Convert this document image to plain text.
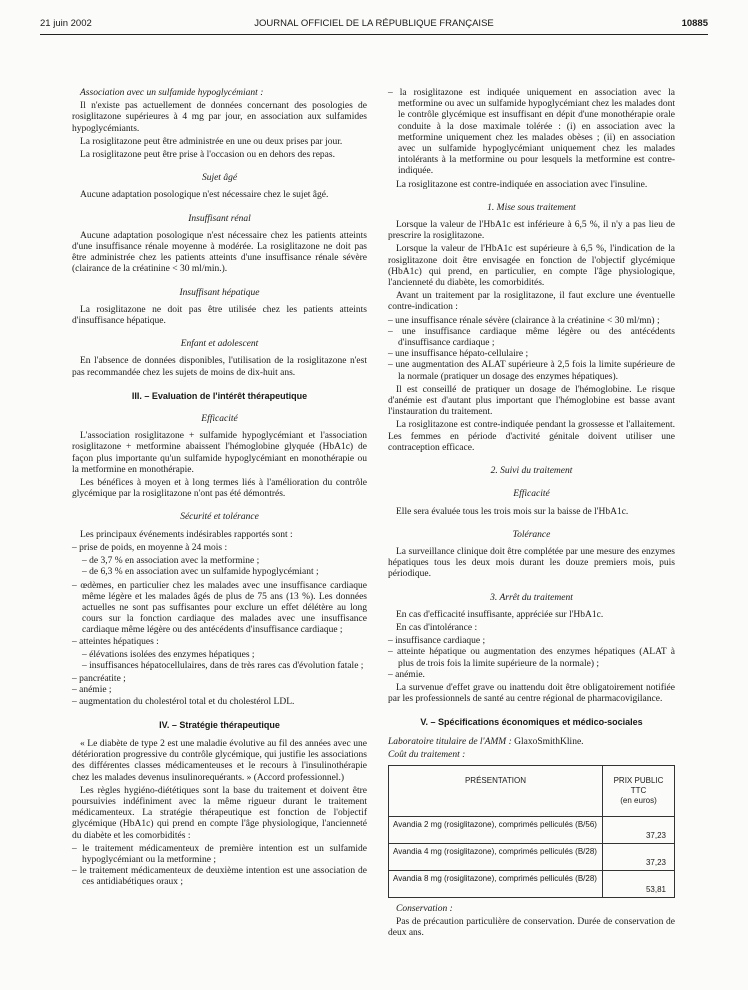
21 juin 2002	JOURNAL OFFICIEL DE LA RÉPUBLIQUE FRANÇAISE	10885

Association avec un sulfamide hypoglycémiant :

Il n'existe pas actuellement de données concernant des posologies de rosiglitazone supérieures à 4 mg par jour, en association aux sulfamides hypoglycémiants.

La rosiglitazone peut être administrée en une ou deux prises par jour.

La rosiglitazone peut être prise à l'occasion ou en dehors des repas.

Sujet âgé

Aucune adaptation posologique n'est nécessaire chez le sujet âgé.

Insuffisant rénal

Aucune adaptation posologique n'est nécessaire chez les patients atteints d'une insuffisance rénale moyenne à modérée. La rosiglitazone ne doit pas être administrée chez les patients atteints d'une insuffisance rénale sévère (clairance de la créatinine < 30 ml/min.).

Insuffisant hépatique

La rosiglitazone ne doit pas être utilisée chez les patients atteints d'insuffisance hépatique.

Enfant et adolescent

En l'absence de données disponibles, l'utilisation de la rosiglitazone n'est pas recommandée chez les sujets de moins de dix-huit ans.

III. – Evaluation de l'intérêt thérapeutique
Efficacité

L'association rosiglitazone + sulfamide hypoglycémiant et l'association rosiglitazone + metformine abaissent l'hémoglobine glyquée (HbA1c) de façon plus importante qu'un sulfamide hypoglycémiant en monothérapie ou la metformine en monothérapie.

Les bénéfices à moyen et à long termes liés à l'amélioration du contrôle glycémique par la rosiglitazone n'ont pas été démontrés.

Sécurité et tolérance

Les principaux événements indésirables rapportés sont :

– prise de poids, en moyenne à 24 mois :
– de 3,7 % en association avec la metformine ;
– de 6,3 % en association avec un sulfamide hypoglycémiant ;
– œdèmes, en particulier chez les malades avec une insuffisance cardiaque même légère et les malades âgés de plus de 75 ans (13 %). Les données actuelles ne sont pas suffisantes pour exclure un effet délétère au long cours sur la fonction cardiaque des malades avec une insuffisance cardiaque même légère ou des antécédents d'insuffisance cardiaque ;
– atteintes hépatiques :
– élévations isolées des enzymes hépatiques ;
– insuffisances hépatocellulaires, dans de très rares cas d'évolution fatale ;
– pancréatite ;
– anémie ;
– augmentation du cholestérol total et du cholestérol LDL.
IV. – Stratégie thérapeutique

« Le diabète de type 2 est une maladie évolutive au fil des années avec une détérioration progressive du contrôle glycémique, qui justifie les associations des différentes classes médicamenteuses et le recours à l'insulinothérapie chez les malades devenus insulinorequérants. » (Accord professionnel.)

Les règles hygiéno-diététiques sont la base du traitement et doivent être poursuivies indéfiniment avec la même rigueur durant le traitement médicamenteux. La stratégie thérapeutique est fonction de l'objectif glycémique (HbA1c) qui prend en compte l'âge physiologique, l'ancienneté du diabète et les comorbidités :

– le traitement médicamenteux de première intention est un sulfamide hypoglycémiant ou la metformine ;
– le traitement médicamenteux de deuxième intention est une association de ces antidiabétiques oraux ;
– la rosiglitazone est indiquée uniquement en association avec la metformine ou avec un sulfamide hypoglycémiant chez les malades dont le contrôle glycémique est insuffisant en dépit d'une monothérapie orale conduite à la dose maximale tolérée : (i) en association avec la metformine uniquement chez les malades obèses ; (ii) en association avec un sulfamide hypoglycémiant uniquement chez les malades intolérants à la metformine ou pour lesquels la metformine est contre-indiquée.

La rosiglitazone est contre-indiquée en association avec l'insuline.

1. Mise sous traitement

Lorsque la valeur de l'HbA1c est inférieure à 6,5 %, il n'y a pas lieu de prescrire la rosiglitazone.

Lorsque la valeur de l'HbA1c est supérieure à 6,5 %, l'indication de la rosiglitazone doit être envisagée en fonction de l'objectif glycémique (HbA1c) qui prend, en particulier, en compte l'âge physiologique, l'ancienneté du diabète, les comorbidités.

Avant un traitement par la rosiglitazone, il faut exclure une éventuelle contre-indication :

– une insuffisance rénale sévère (clairance à la créatinine < 30 ml/mn) ;
– une insuffisance cardiaque même légère ou des antécédents d'insuffisance cardiaque ;
– une insuffisance hépato-cellulaire ;
– une augmentation des ALAT supérieure à 2,5 fois la limite supérieure de la normale (pratiquer un dosage des enzymes hépatiques).

Il est conseillé de pratiquer un dosage de l'hémoglobine. Le risque d'anémie est d'autant plus important que l'hémoglobine est basse avant l'instauration du traitement.

La rosiglitazone est contre-indiquée pendant la grossesse et l'allaitement. Les femmes en période d'activité génitale doivent utiliser une contraception efficace.

2. Suivi du traitement
Efficacité

Elle sera évaluée tous les trois mois sur la baisse de l'HbA1c.

Tolérance

La surveillance clinique doit être complétée par une mesure des enzymes hépatiques tous les deux mois durant les douze premiers mois, puis périodique.

3. Arrêt du traitement

En cas d'efficacité insuffisante, appréciée sur l'HbA1c.

En cas d'intolérance :

– insuffisance cardiaque ;
– atteinte hépatique ou augmentation des enzymes hépatiques (ALAT à plus de trois fois la limite supérieure de la normale) ;
– anémie.

La survenue d'effet grave ou inattendu doit être obligatoirement notifiée par les professionnels de santé au centre régional de pharmacovigilance.

V. – Spécifications économiques et médico-sociales

Laboratoire titulaire de l'AMM : GlaxoSmithKline.

Coût du traitement :

PRÉSENTATION	PRIX PUBLIC TTC
(en euros)
Avandia 2 mg (rosiglitazone), comprimés pelliculés (B/56)	37,23
Avandia 4 mg (rosiglitazone), comprimés pelliculés (B/28)	37,23
Avandia 8 mg (rosiglitazone), comprimés pelliculés (B/28)	53,81

Conservation :

Pas de précaution particulière de conservation. Durée de conservation de deux ans.
